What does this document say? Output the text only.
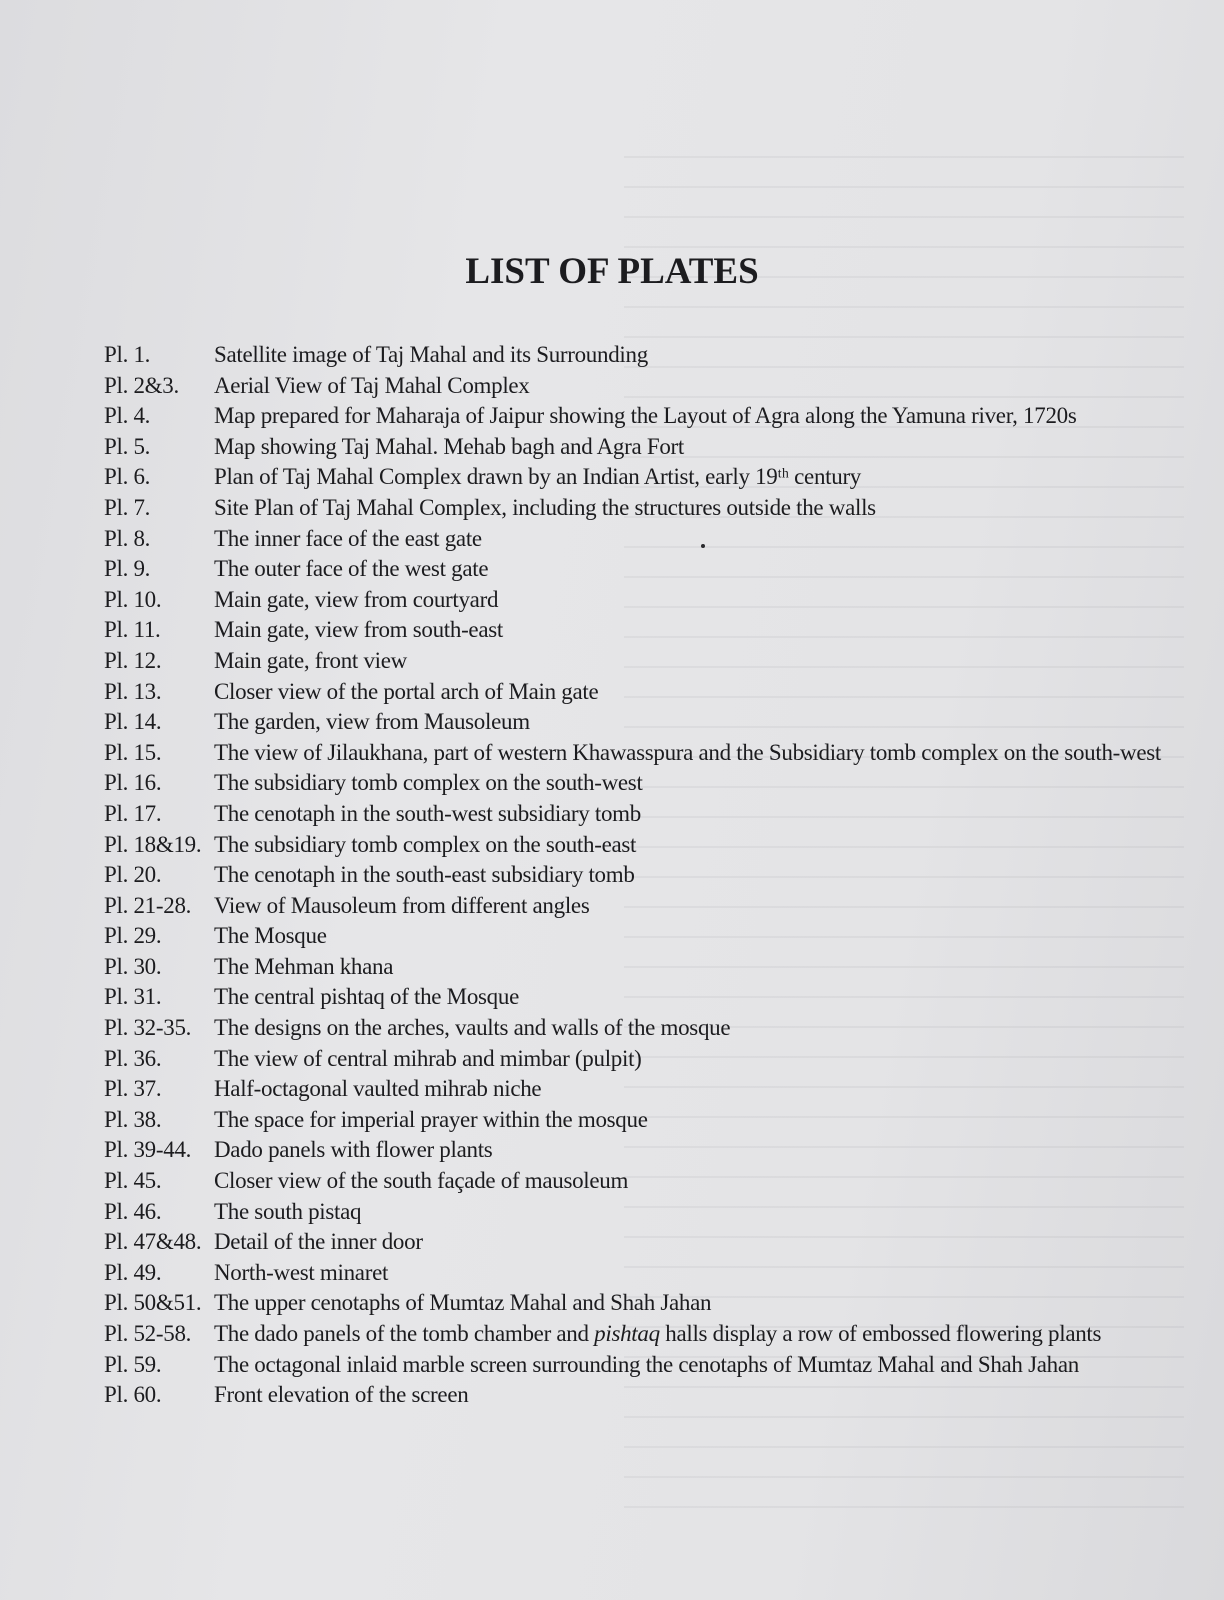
LIST OF PLATES
Pl. 1.	Satellite image of Taj Mahal and its Surrounding
Pl. 2&3.	Aerial View of Taj Mahal Complex
Pl. 4.	Map prepared for Maharaja of Jaipur showing the Layout of Agra along the Yamuna river, 1720s
Pl. 5.	Map showing Taj Mahal. Mehab bagh and Agra Fort
Pl. 6.	Plan of Taj Mahal Complex drawn by an Indian Artist, early 19ᵗʰ century
Pl. 7.	Site Plan of Taj Mahal Complex, including the structures outside the walls
Pl. 8.	The inner face of the east gate
Pl. 9.	The outer face of the west gate
Pl. 10.	Main gate, view from courtyard
Pl. 11.	Main gate, view from south-east
Pl. 12.	Main gate, front view
Pl. 13.	Closer view of the portal arch of Main gate
Pl. 14.	The garden, view from Mausoleum
Pl. 15.	The view of Jilaukhana, part of western Khawasspura and the Subsidiary tomb complex on the south-west
Pl. 16.	The subsidiary tomb complex on the south-west
Pl. 17.	The cenotaph in the south-west subsidiary tomb
Pl. 18&19. The subsidiary tomb complex on the south-east
Pl. 20.	The cenotaph in the south-east subsidiary tomb
Pl. 21-28. View of Mausoleum from different angles
Pl. 29.	The Mosque
Pl. 30.	The Mehman khana
Pl. 31.	The central pishtaq of the Mosque
Pl. 32-35. The designs on the arches, vaults and walls of the mosque
Pl. 36.	The view of central mihrab and mimbar (pulpit)
Pl. 37.	Half-octagonal vaulted mihrab niche
Pl. 38.	The space for imperial prayer within the mosque
Pl. 39-44. Dado panels with flower plants
Pl. 45.	Closer view of the south façade of mausoleum
Pl. 46.	The south pistaq
Pl. 47&48. Detail of the inner door
Pl. 49.	North-west minaret
Pl. 50&51. The upper cenotaphs of Mumtaz Mahal and Shah Jahan
Pl. 52-58. The dado panels of the tomb chamber and pishtaq halls display a row of embossed flowering plants
Pl. 59.	The octagonal inlaid marble screen surrounding the cenotaphs of Mumtaz Mahal and Shah Jahan
Pl. 60.	Front elevation of the screen
